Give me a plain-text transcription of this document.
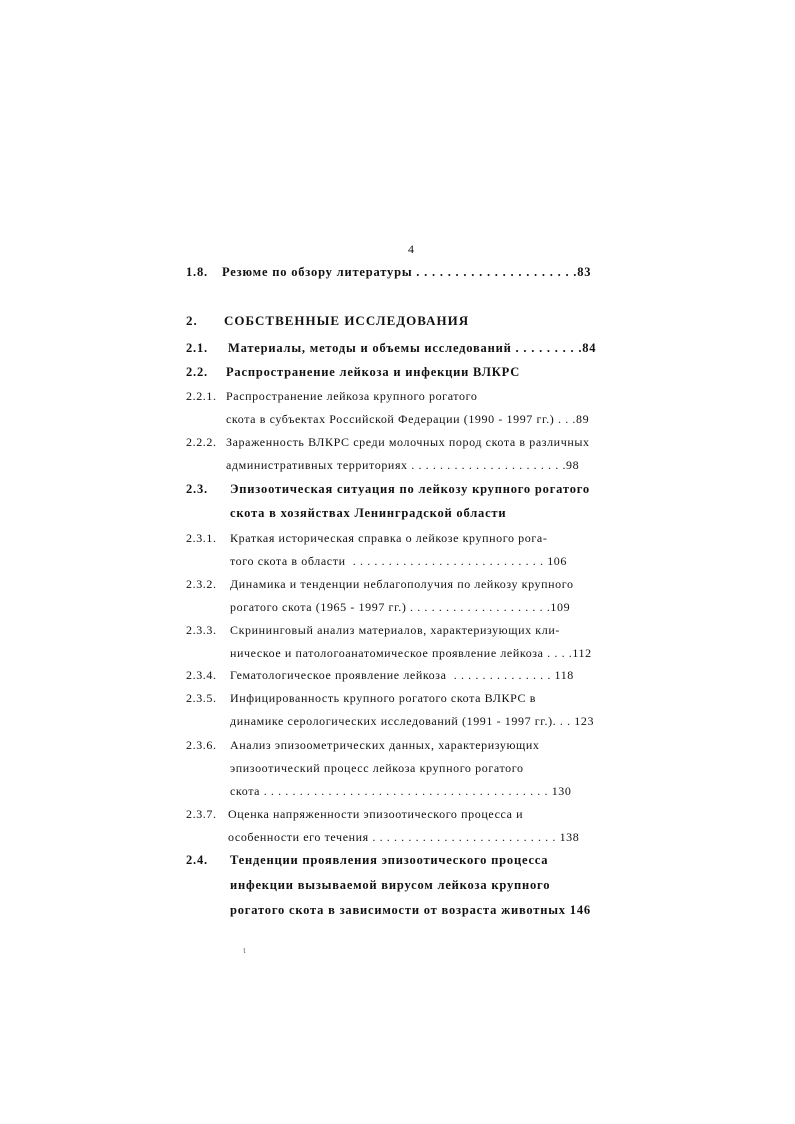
4
1.8. Резюме по обзору литературы . . . . . . . . . . . . . . . . . . . . .83
2. СОБСТВЕННЫЕ ИССЛЕДОВАНИЯ
2.1. Материалы, методы и объемы исследований . . . . . . . . .84
2.2. Распространение лейкоза и инфекции ВЛКРС
2.2.1. Распространение лейкоза крупного рогатого
скота в субъектах Российской Федерации (1990 - 1997 гг.) . . .89
2.2.2. Зараженность ВЛКРС среди молочных пород скота в различных
административных территориях . . . . . . . . . . . . . . . . . . . . . .98
2.3. Эпизоотическая ситуация по лейкозу крупного рогатого
скота в хозяйствах Ленинградской области
2.3.1. Краткая историческая справка о лейкозе крупного рога-
того скота в области  . . . . . . . . . . . . . . . . . . . . . . . . . . . 106
2.3.2. Динамика и тенденции неблагополучия по лейкозу крупного
рогатого скота (1965 - 1997 гг.) . . . . . . . . . . . . . . . . . . . .109
2.3.3. Скрининговый анализ материалов, характеризующих кли-
ническое и патологоанатомическое проявление лейкоза . . . .112
2.3.4. Гематологическое проявление лейкоза  . . . . . . . . . . . . . . 118
2.3.5. Инфицированность крупного рогатого скота ВЛКРС в
динамике серологических исследований (1991 - 1997 гг.). . . 123
2.3.6. Анализ эпизоометрических данных, характеризующих
эпизоотический процесс лейкоза крупного рогатого
скота . . . . . . . . . . . . . . . . . . . . . . . . . . . . . . . . . . . . . . . . 130
2.3.7. Оценка напряженности эпизоотического процесса и
особенности его течения . . . . . . . . . . . . . . . . . . . . . . . . . . 138
2.4. Тенденции проявления эпизоотического процесса
инфекции вызываемой вирусом лейкоза крупного
рогатого скота в зависимости от возраста животных 146
ɩ
